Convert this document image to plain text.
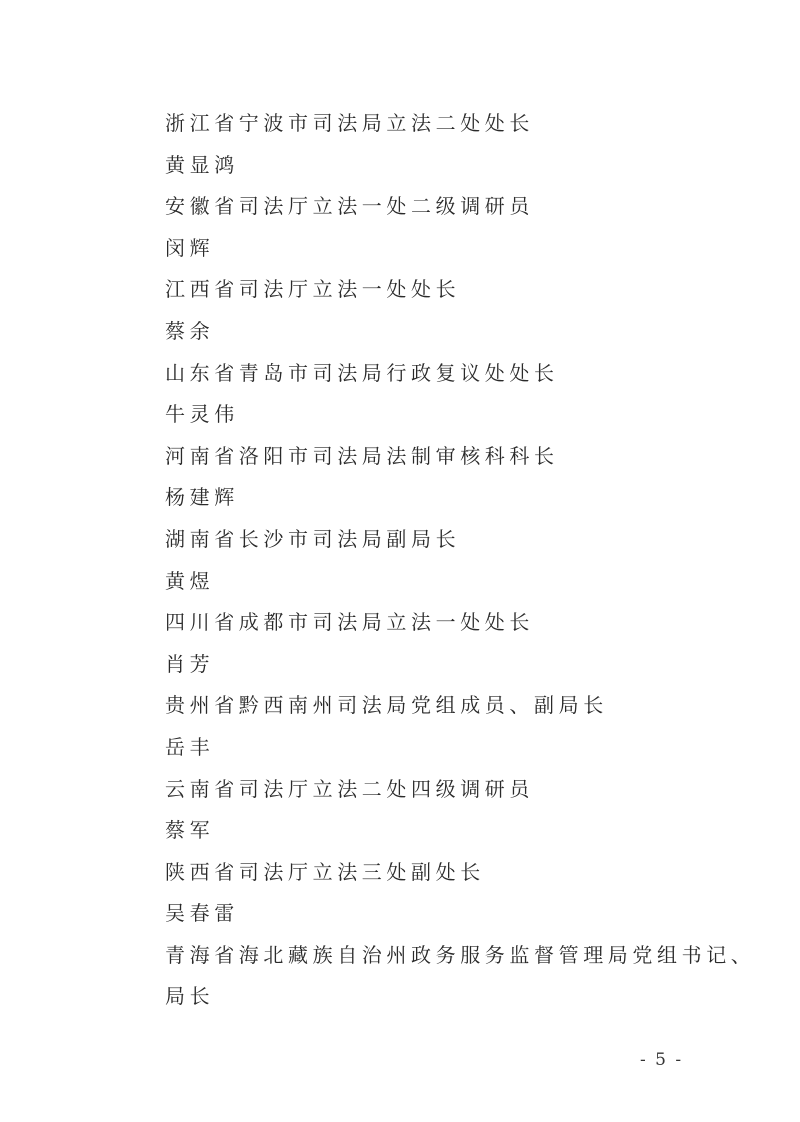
浙江省宁波市司法局立法二处处长
黄显鸿
安徽省司法厅立法一处二级调研员
闵辉
江西省司法厅立法一处处长
蔡余
山东省青岛市司法局行政复议处处长
牛灵伟
河南省洛阳市司法局法制审核科科长
杨建辉
湖南省长沙市司法局副局长
黄煜
四川省成都市司法局立法一处处长
肖芳
贵州省黔西南州司法局党组成员、副局长
岳丰
云南省司法厅立法二处四级调研员
蔡军
陕西省司法厅立法三处副处长
吴春雷
青海省海北藏族自治州政务服务监督管理局党组书记、
局长
- 5 -
